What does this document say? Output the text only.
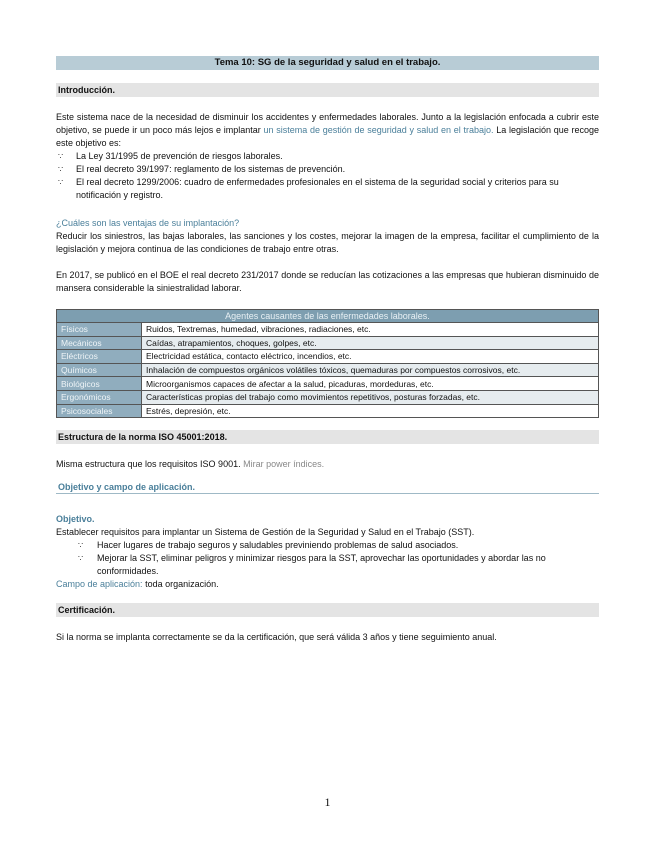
Tema 10: SG de la seguridad y salud en el trabajo.
Introducción.

Este sistema nace de la necesidad de disminuir los accidentes y enfermedades laborales. Junto a la legislación enfocada a cubrir este objetivo, se puede ir un poco más lejos e implantar un sistema de gestión de seguridad y salud en el trabajo. La legislación que recoge este objetivo es:

∵ La Ley 31/1995 de prevención de riesgos laborales.
∵ El real decreto 39/1997: reglamento de los sistemas de prevención.
∵ El real decreto 1299/2006: cuadro de enfermedades profesionales en el sistema de la seguridad social y criterios para su notificación y registro.
¿Cuáles son las ventajas de su implantación?

Reducir los siniestros, las bajas laborales, las sanciones y los costes, mejorar la imagen de la empresa, facilitar el cumplimiento de la legislación y mejora continua de las condiciones de trabajo entre otras.

En 2017, se publicó en el BOE el real decreto 231/2017 donde se reducían las cotizaciones a las empresas que hubieran disminuido de mansera considerable la siniestralidad laborar.

Agentes causantes de las enfermedades laborales.	
Físicos	Ruidos, Textremas, humedad, vibraciones, radiaciones, etc.
Mecánicos	Caídas, atrapamientos, choques, golpes, etc.
Eléctricos	Electricidad estática, contacto eléctrico, incendios, etc.
Químicos	Inhalación de compuestos orgánicos volátiles tóxicos, quemaduras por compuestos corrosivos, etc.
Biológicos	Microorganismos capaces de afectar a la salud, picaduras, mordeduras, etc.
Ergonómicos	Características propias del trabajo como movimientos repetitivos, posturas forzadas, etc.
Psicosociales	Estrés, depresión, etc.
Estructura de la norma ISO 45001:2018.

Misma estructura que los requisitos ISO 9001. Mirar power índices.

Objetivo y campo de aplicación.
Objetivo.

Establecer requisitos para implantar un Sistema de Gestión de la Seguridad y Salud en el Trabajo (SST).

∵ Hacer lugares de trabajo seguros y saludables previniendo problemas de salud asociados.
∵ Mejorar la SST, eliminar peligros y minimizar riesgos para la SST, aprovechar las oportunidades y abordar las no conformidades.

Campo de aplicación: toda organización.

Certificación.

Si la norma se implanta correctamente se da la certificación, que será válida 3 años y tiene seguimiento anual.

1
